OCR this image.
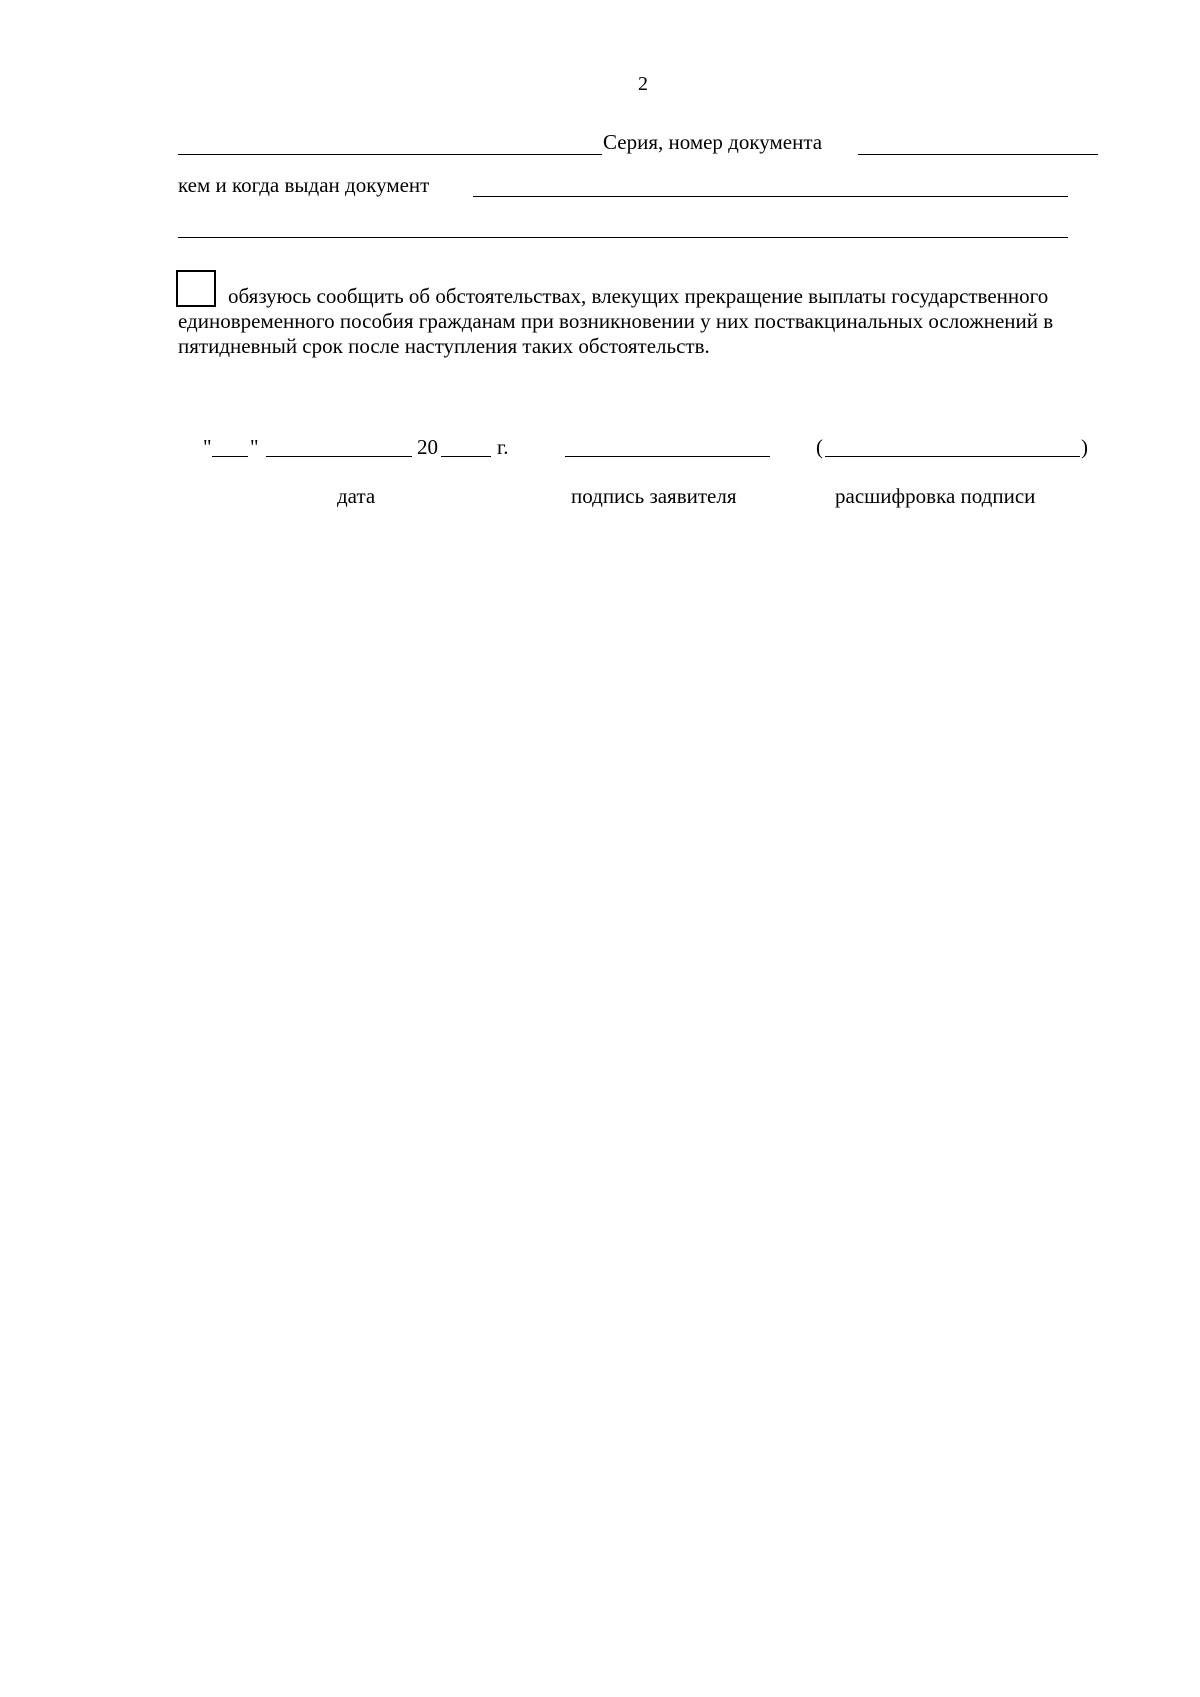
2
Серия, номер документа
кем и когда выдан документ
обязуюсь сообщить об обстоятельствах, влекущих прекращение выплаты государственного
единовременного пособия гражданам при возникновении у них поствакцинальных осложнений в
пятидневный срок после наступления таких обстоятельств.
" "	20	г.	(	)
дата	подпись заявителя	расшифровка подписи
